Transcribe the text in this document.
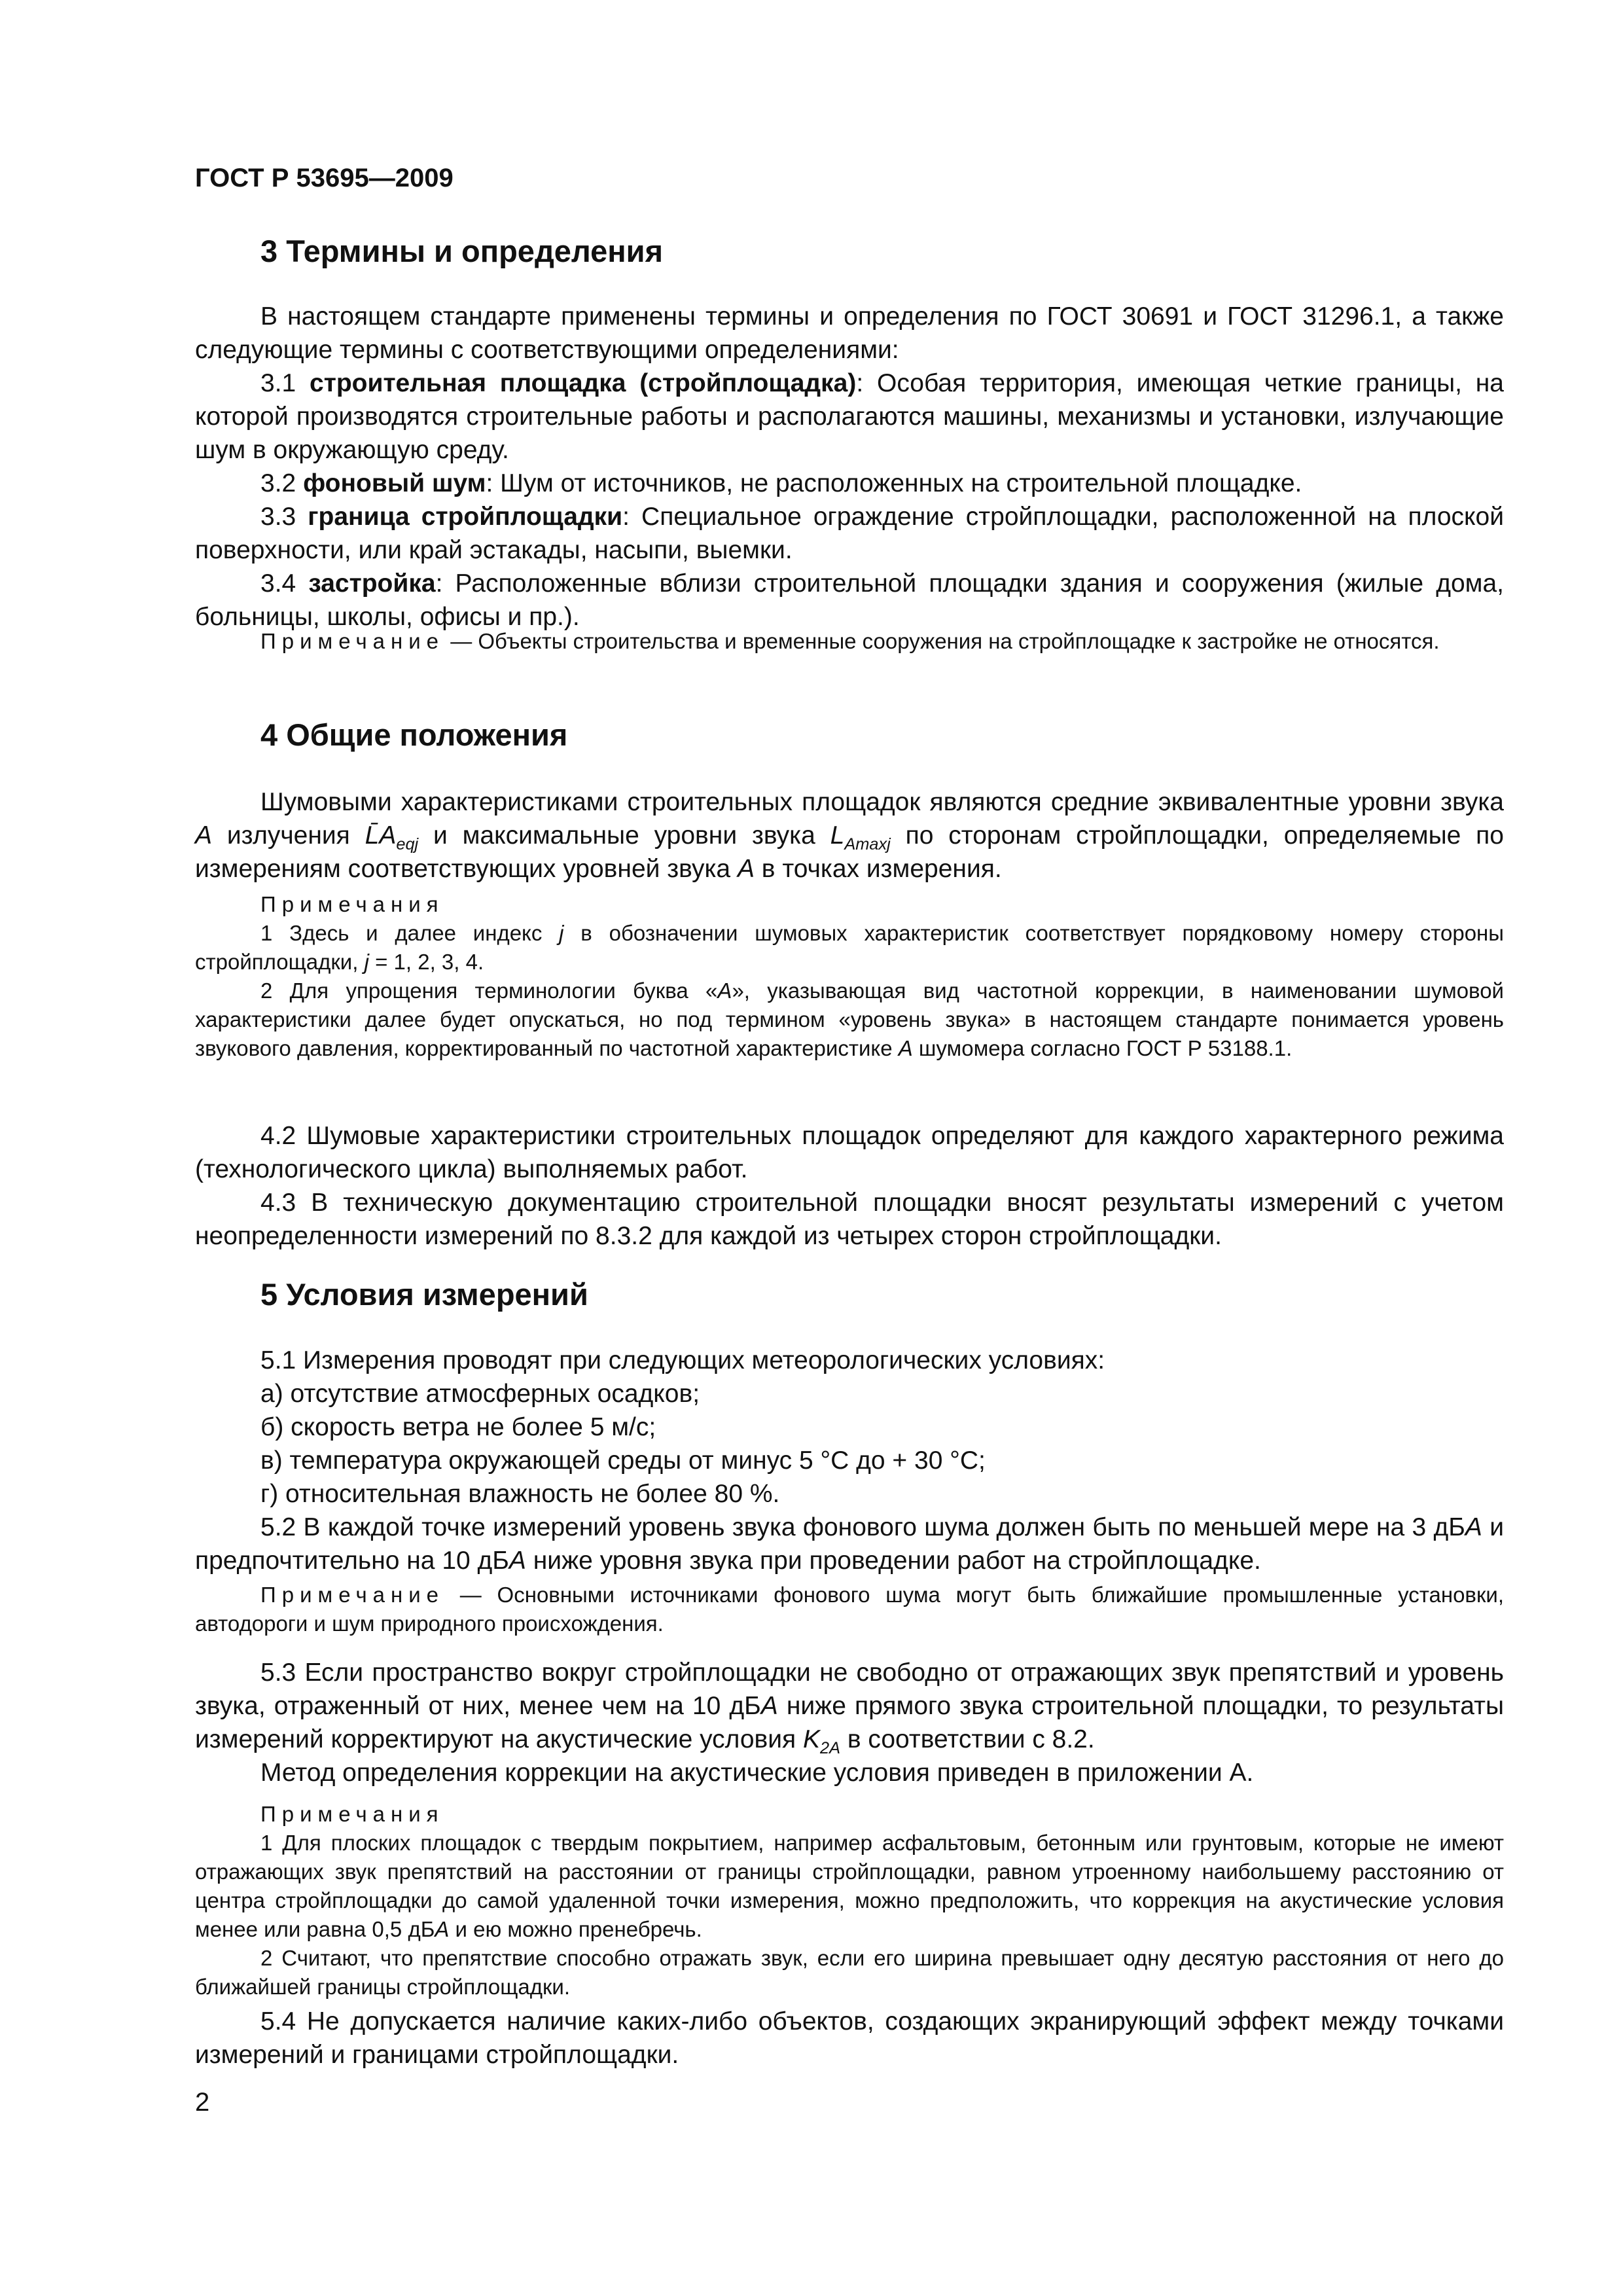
ГОСТ Р 53695—2009
3 Термины и определения

В настоящем стандарте применены термины и определения по ГОСТ 30691 и ГОСТ 31296.1, а также следующие термины с соответствующими определениями:

3.1 строительная площадка (стройплощадка): Особая территория, имеющая четкие границы, на которой производятся строительные работы и располагаются машины, механизмы и установки, излучающие шум в окружающую среду.

3.2 фоновый шум: Шум от источников, не расположенных на строительной площадке.

3.3 граница стройплощадки: Специальное ограждение стройплощадки, расположенной на плоской поверхности, или край эстакады, насыпи, выемки.

3.4 застройка: Расположенные вблизи строительной площадки здания и сооружения (жилые дома, больницы, школы, офисы и пр.).

Примечание — Объекты строительства и временные сооружения на стройплощадке к застройке не относятся.

4 Общие положения

Шумовыми характеристиками строительных площадок являются средние эквивалентные уровни звука A излучения $L̄A_{eqj}$ и максимальные уровни звука $L_{Amaxj}$ по сторонам стройплощадки, определяемые по измерениям соответствующих уровней звука A в точках измерения.

Примечания

1 Здесь и далее индекс j в обозначении шумовых характеристик соответствует порядковому номеру стороны стройплощадки, j = 1, 2, 3, 4.

2 Для упрощения терминологии буква «A», указывающая вид частотной коррекции, в наименовании шумовой характеристики далее будет опускаться, но под термином «уровень звука» в настоящем стандарте понимается уровень звукового давления, корректированный по частотной характеристике A шумомера согласно ГОСТ Р 53188.1.

4.2 Шумовые характеристики строительных площадок определяют для каждого характерного режима (технологического цикла) выполняемых работ.

4.3 В техническую документацию строительной площадки вносят результаты измерений с учетом неопределенности измерений по 8.3.2 для каждой из четырех сторон стройплощадки.

5 Условия измерений

5.1 Измерения проводят при следующих метеорологических условиях:

а) отсутствие атмосферных осадков;

б) скорость ветра не более 5 м/с;

в) температура окружающей среды от минус 5 °С до + 30 °С;

г) относительная влажность не более 80 %.

5.2 В каждой точке измерений уровень звука фонового шума должен быть по меньшей мере на 3 дБA и предпочтительно на 10 дБA ниже уровня звука при проведении работ на стройплощадке.

Примечание — Основными источниками фонового шума могут быть ближайшие промышленные установки, автодороги и шум природного происхождения.

5.3 Если пространство вокруг стройплощадки не свободно от отражающих звук препятствий и уровень звука, отраженный от них, менее чем на 10 дБA ниже прямого звука строительной площадки, то результаты измерений корректируют на акустические условия $K_{2A}$ в соответствии с 8.2.

Метод определения коррекции на акустические условия приведен в приложении А.

Примечания

1 Для плоских площадок с твердым покрытием, например асфальтовым, бетонным или грунтовым, которые не имеют отражающих звук препятствий на расстоянии от границы стройплощадки, равном утроенному наибольшему расстоянию от центра стройплощадки до самой удаленной точки измерения, можно предположить, что коррекция на акустические условия менее или равна 0,5 дБA и ею можно пренебречь.

2 Считают, что препятствие способно отражать звук, если его ширина превышает одну десятую расстояния от него до ближайшей границы стройплощадки.

5.4 Не допускается наличие каких-либо объектов, создающих экранирующий эффект между точками измерений и границами стройплощадки.

2
